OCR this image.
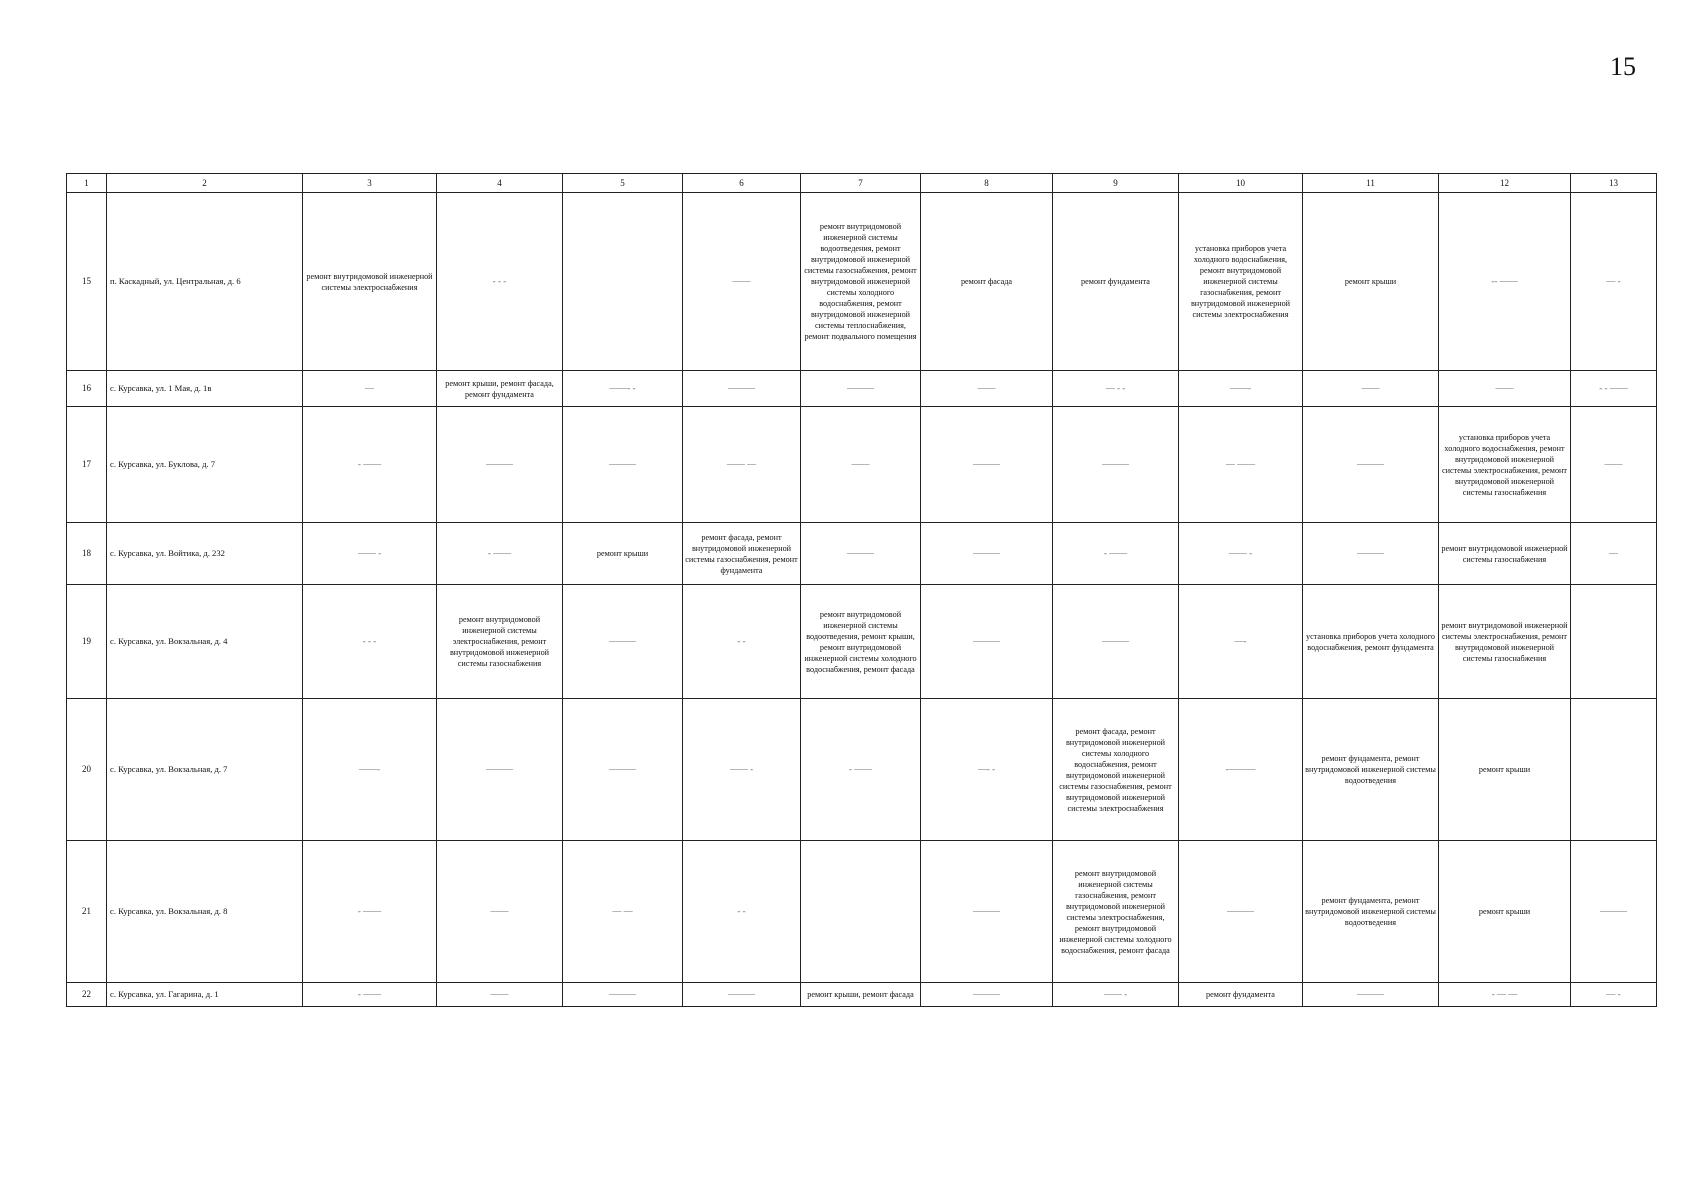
15
1	2	3	4	5	6	7	8	9	10	11	12	13
15	п. Каскадный, ул. Центральная, д. 6	ремонт внутридомовой инженерной системы электроснабжения	- - -		——	ремонт внутридомовой инженерной системы водоотведения, ремонт внутридомовой инженерной системы газоснабжения, ремонт внутридомовой инженерной системы холодного водоснабжения, ремонт внутридомовой инженерной системы теплоснабжения, ремонт подвального помещения	ремонт фасада	ремонт фундамента	установка приборов учета холодного водоснабжения, ремонт внутридомовой инженерной системы газоснабжения, ремонт внутридомовой инженерной системы электроснабжения	ремонт крыши	-- ——	— -
16	с. Курсавка, ул. 1 Мая, д. 1в	—	ремонт крыши, ремонт фасада, ремонт фундамента	——- -	———	———	——	— - -	——-	——	——	- - ——
17	с. Курсавка, ул. Буклова, д. 7	- ——	———	———	—— —	——	———	———	— ——	———	установка приборов учета холодного водоснабжения, ремонт внутридомовой инженерной системы электроснабжения, ремонт внутридомовой инженерной системы газоснабжения	——
18	с. Курсавка, ул. Войтика, д. 232	—— -	- ——	ремонт крыши	ремонт фасада, ремонт внутридомовой инженерной системы газоснабжения, ремонт фундамента	———	———	- ——	—— -	———	ремонт внутридомовой инженерной системы газоснабжения	—
19	с. Курсавка, ул. Вокзальная, д. 4	- - -	ремонт внутридомовой инженерной системы электроснабжения, ремонт внутридомовой инженерной системы газоснабжения	———	- -	ремонт внутридомовой инженерной системы водоотведения, ремонт крыши, ремонт внутридомовой инженерной системы холодного водоснабжения, ремонт фасада	———	———	—-	установка приборов учета холодного водоснабжения, ремонт фундамента	ремонт внутридомовой инженерной системы электроснабжения, ремонт внутридомовой инженерной системы газоснабжения	
20	с. Курсавка, ул. Вокзальная, д. 7	——-	———	———	—— -	- ——	—- -	ремонт фасада, ремонт внутридомовой инженерной системы холодного водоснабжения, ремонт внутридомовой инженерной системы газоснабжения, ремонт внутридомовой инженерной системы электроснабжения	-———	ремонт фундамента, ремонт внутридомовой инженерной системы водоотведения	ремонт крыши	
21	с. Курсавка, ул. Вокзальная, д. 8	- ——	——	— —	- -		———	ремонт внутридомовой инженерной системы газоснабжения, ремонт внутридомовой инженерной системы электроснабжения, ремонт внутридомовой инженерной системы холодного водоснабжения, ремонт фасада	———	ремонт фундамента, ремонт внутридомовой инженерной системы водоотведения	ремонт крыши	———
22	с. Курсавка, ул. Гагарина, д. 1	- ——	——	———	———	ремонт крыши, ремонт фасада	———	—— -	ремонт фундамента	———	- — —	— -
